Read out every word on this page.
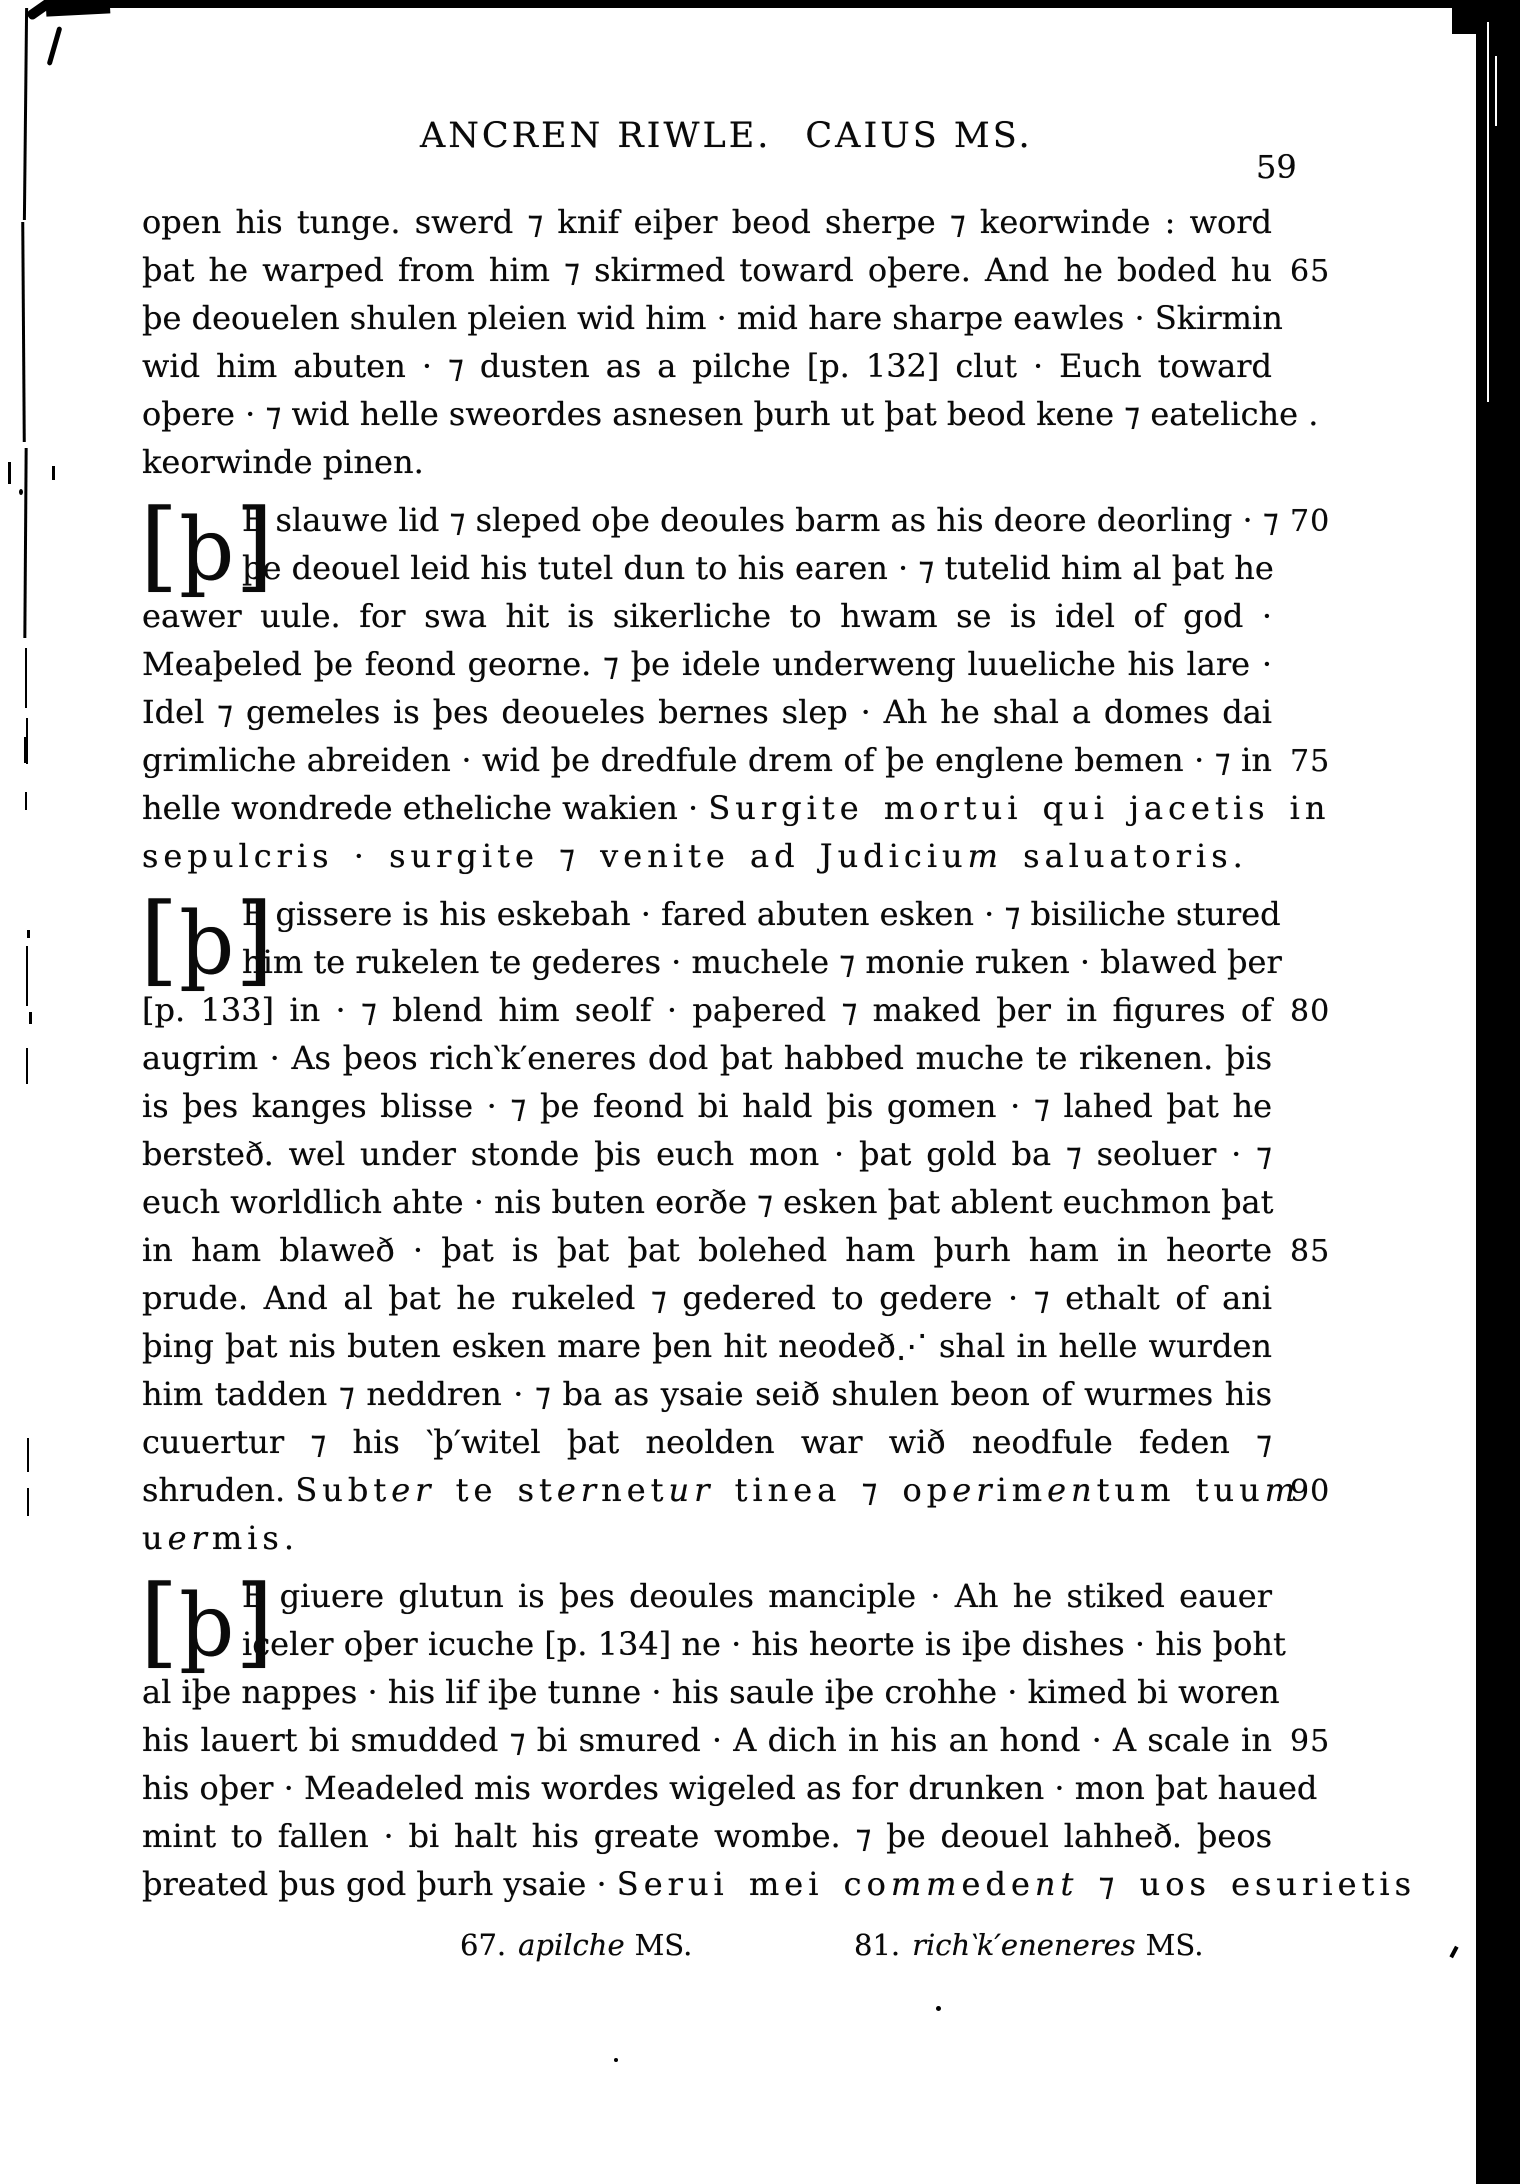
ANCREN RIWLE. CAIUS MS.
59
open his tunge. swerd ⁊ knif eiþer beod sherpe ⁊ keorwinde : word
þat he warped from him ⁊ skirmed toward oþere. And he boded hu 65
þe deouelen shulen pleien wid him · mid hare sharpe eawles · Skirmin
wid him abuten · ⁊ dusten as a pilche [p. 132] clut · Euch toward
oþere · ⁊ wid helle sweordes asnesen þurh ut þat beod kene ⁊ eateliche .
keorwinde pinen.
[ þ ]
E slauwe lid ⁊ sleped oþe deoules barm as his deore deorling · ⁊ 70
þe deouel leid his tutel dun to his earen · ⁊ tutelid him al þat he
eawer uule. for swa hit is sikerliche to hwam se is idel of god ·
Meaþeled þe feond georne. ⁊ þe idele underweng luueliche his lare ·
Idel ⁊ gemeles is þes deoueles bernes slep · Ah he shal a domes dai
grimliche abreiden · wid þe dredfule drem of þe englene bemen · ⁊ in 75
helle wondrede etheliche wakien · Surgite mortui qui jacetis in
sepulcris · surgite ⁊ venite ad Judicium saluatoris.
[ þ ]
E gissere is his eskebah · fared abuten esken · ⁊ bisiliche stured
him te rukelen te gederes · muchele ⁊ monie ruken · blawed þer
[p. 133] in · ⁊ blend him seolf · paþered ⁊ maked þer in figures of 80
augrim · As þeos rich‵k′eneres dod þat habbed muche te rikenen. þis
is þes kanges blisse · ⁊ þe feond bi hald þis gomen · ⁊ lahed þat he
bersteð. wel under stonde þis euch mon · þat gold ba ⁊ seoluer · ⁊
euch worldlich ahte · nis buten eorðe ⁊ esken þat ablent euchmon þat
in ham blaweð · þat is þat þat bolehed ham þurh ham in heorte 85
prude. And al þat he rukeled ⁊ gedered to gedere · ⁊ ethalt of ani
þing þat nis buten esken mare þen hit neodeð⋰ shal in helle wurden
him tadden ⁊ neddren · ⁊ ba as ysaie seið shulen beon of wurmes his
cuuertur ⁊ his ‵þ′witel þat neolden war wið neodfule feden ⁊
shruden. Subter te sternetur tinea ⁊ operimentum tuum
90
uermis.
[ þ ]
E giuere glutun is þes deoules manciple · Ah he stiked eauer
iceler oþer icuche [p. 134] ne · his heorte is iþe dishes · his þoht
al iþe nappes · his lif iþe tunne · his saule iþe crohhe · kimed bi woren
his lauert bi smudded ⁊ bi smured · A dich in his an hond · A scale in 95
his oþer · Meadeled mis wordes wigeled as for drunken · mon þat haued
mint to fallen · bi halt his greate wombe. ⁊ þe deouel lahheð. þeos
þreated þus god þurh ysaie · Serui mei commedent ⁊ uos esurietis
67. apilche MS.	81. rich‵k′eneneres MS.
